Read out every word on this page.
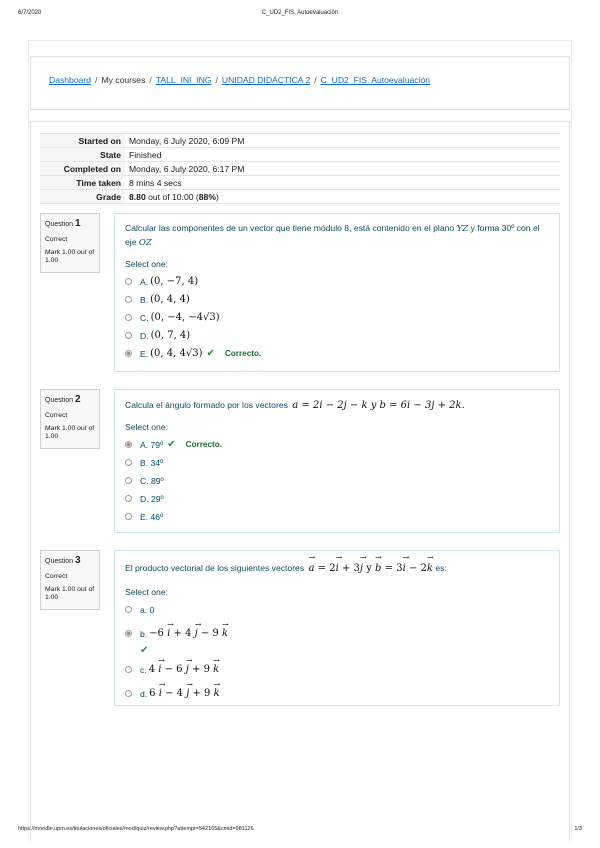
6/7/2020	C_UD2_FIS. Autoevaluación
Dashboard / My courses / TALL_INI_ING / UNIDAD DIDÁCTICA 2 / C_UD2_FIS. Autoevaluación
Started on	Monday, 6 July 2020, 6:09 PM
State	Finished
Completed on	Monday, 6 July 2020, 6:17 PM
Time taken	8 mins 4 secs
Grade	8.80 out of 10.00 (88%)
Question 1
Correct
Mark 1.00 out of 1.00
Calcular las componentes de un vector que tiene módulo 8, está contenido en el plano YZ y forma 30º con el eje OZ
Select one:
A. (0, −7, 4)
B. (0, 4, 4)
C. (0, −4, −4√3)
D. (0, 7, 4)
E. (0, 4, 4√3) ✔ Correcto.
Question 2
Correct
Mark 1.00 out of 1.00
Calcula el ángulo formado por los vectores a = 2i − 2j − k y b = 6i − 3j + 2k.
Select one:
A.
79º ✔ Correcto.
B.
34º
C.
89º
D.
29º
E.
46º
Question 3
Correct
Mark 1.00 out of 1.00
El producto vectorial de los siguientes vectores a
→
= 2i
→
+ 3j
→
y b
→
= 3i
→
− 2k
→
es:
Select one:
a.
0
b. −6 i
→
+ 4 j
→
− 9 k
→
✔
c. 4 i
→
− 6 j
→
+ 9 k
→
d. 6 i
→
− 4 j
→
+ 9 k
→
https://moodle.upm.es/titulaciones/oficiales/mod/quiz/review.php?attempt=542165&cmid=981126	1/3
